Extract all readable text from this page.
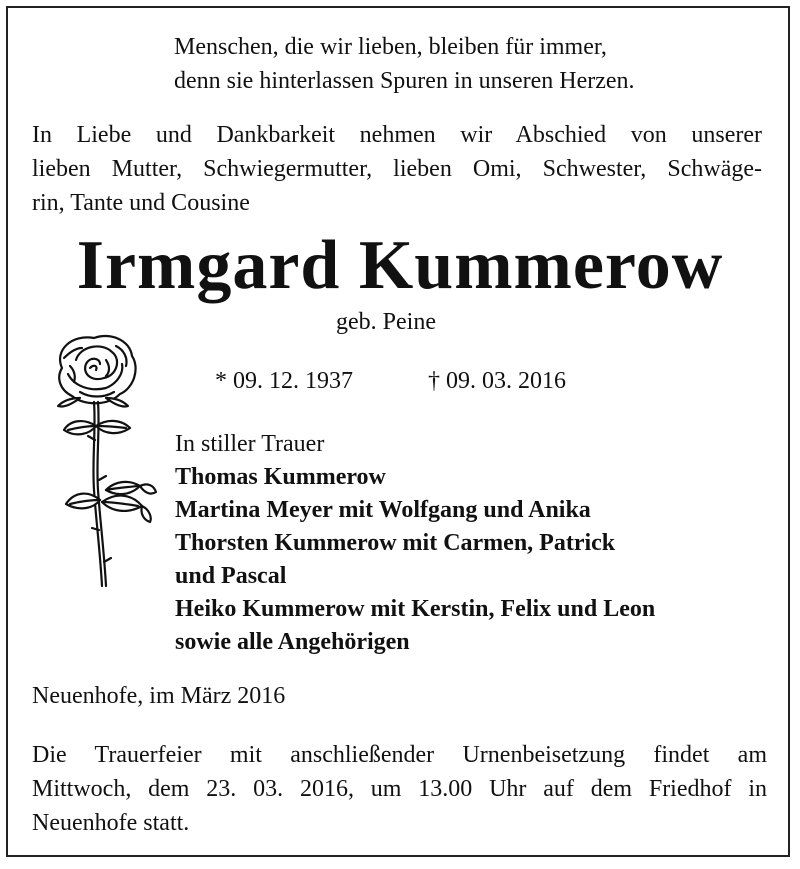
Menschen, die wir lieben, bleiben für immer,
denn sie hinterlassen Spuren in unseren Herzen.
In Liebe und Dankbarkeit nehmen wir Abschied von unserer
lieben Mutter, Schwiegermutter, lieben Omi, Schwester, Schwäge-
rin, Tante und Cousine
Irmgard Kummerow
geb. Peine
* 09. 12. 1937	† 09. 03. 2016
In stiller Trauer
Thomas Kummerow
Martina Meyer mit Wolfgang und Anika
Thorsten Kummerow mit Carmen, Patrick
und Pascal
Heiko Kummerow mit Kerstin, Felix und Leon
sowie alle Angehörigen
Neuenhofe, im März 2016
Die Trauerfeier mit anschließender Urnenbeisetzung findet am
Mittwoch, dem 23. 03. 2016, um 13.00 Uhr auf dem Friedhof in
Neuenhofe statt.
